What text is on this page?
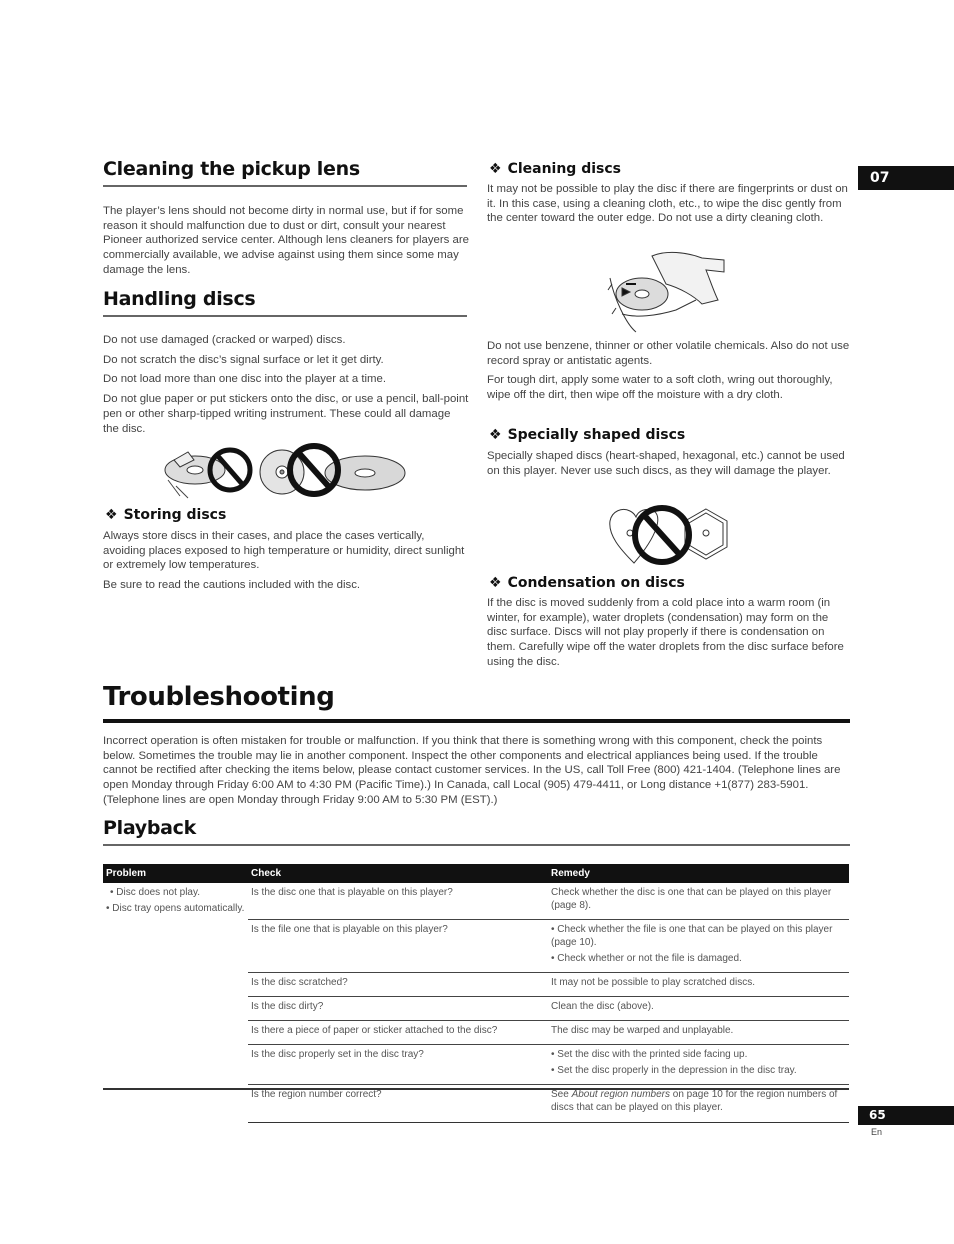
07
Cleaning the pickup lens

The player’s lens should not become dirty in normal use, but if for some reason it should malfunction due to dust or dirt, consult your nearest Pioneer authorized service center. Although lens cleaners for players are commercially available, we advise against using them since some may damage the lens.

Handling discs

Do not use damaged (cracked or warped) discs.

Do not scratch the disc’s signal surface or let it get dirty.

Do not load more than one disc into the player at a time.

Do not glue paper or put stickers onto the disc, or use a pencil, ball-point pen or other sharp-tipped writing instrument. These could all damage the disc.

❖ Storing discs

Always store discs in their cases, and place the cases vertically, avoiding places exposed to high temperature or humidity, direct sunlight or extremely low temperatures.

Be sure to read the cautions included with the disc.

❖ Cleaning discs

It may not be possible to play the disc if there are fingerprints or dust on it. In this case, using a cleaning cloth, etc., to wipe the disc gently from the center toward the outer edge. Do not use a dirty cleaning cloth.

Do not use benzene, thinner or other volatile chemicals. Also do not use record spray or antistatic agents.

For tough dirt, apply some water to a soft cloth, wring out thoroughly, wipe off the dirt, then wipe off the moisture with a dry cloth.

❖ Specially shaped discs

Specially shaped discs (heart-shaped, hexagonal, etc.) cannot be used on this player. Never use such discs, as they will damage the player.

❖ Condensation on discs

If the disc is moved suddenly from a cold place into a warm room (in winter, for example), water droplets (condensation) may form on the disc surface. Discs will not play properly if there is condensation on them. Carefully wipe off the water droplets from the disc surface before using the disc.

Troubleshooting

Incorrect operation is often mistaken for trouble or malfunction. If you think that there is something wrong with this component, check the points below. Sometimes the trouble may lie in another component. Inspect the other components and electrical appliances being used. If the trouble cannot be rectified after checking the items below, please contact customer services. In the US, call Toll Free (800) 421-1404. (Telephone lines are open Monday through Friday 6:00 AM to 4:30 PM (Pacific Time).) In Canada, call Local (905) 479-4411, or Long distance +1(877) 283-5901. (Telephone lines are open Monday through Friday 9:00 AM to 5:30 PM (EST).)

Playback
Problem	Check	Remedy

• Disc does not play.

• Disc tray opens automatically.	Is the disc one that is playable on this player?	Check whether the disc is one that can be played on this player (page 8).

	Is the file one that is playable on this player?	• Check whether the file is one that can be played on this player (page 10).

• Check whether or not the file is damaged.

	Is the disc scratched?	It may not be possible to play scratched discs.

	Is the disc dirty?	Clean the disc (above).

	Is there a piece of paper or sticker attached to the disc?	The disc may be warped and unplayable.

	Is the disc properly set in the disc tray?	• Set the disc with the printed side facing up.

• Set the disc properly in the depression in the disc tray.

	Is the region number correct?	See About region numbers on page 10 for the region numbers of discs that can be played on this player.
65
En
